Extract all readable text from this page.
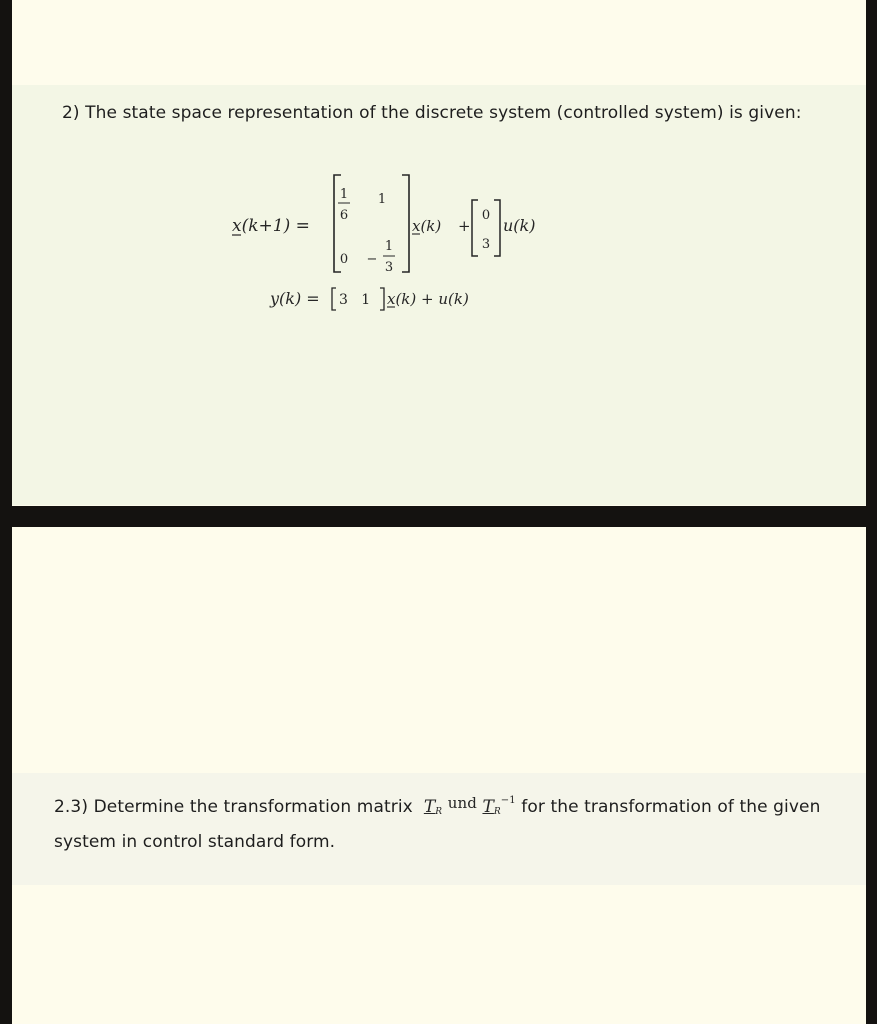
2) The state space representation of the discrete system (controlled system) is given:

x(k+1) =
1
6
1
0 −
1
3
x(k) +
0
3
u(k)
y(k) = 3   1 x(k) + u(k)

2.3) Determine the transformation matrix $T_R$ und $T_R^{-1}$ for the transformation of the given system in control standard form.
